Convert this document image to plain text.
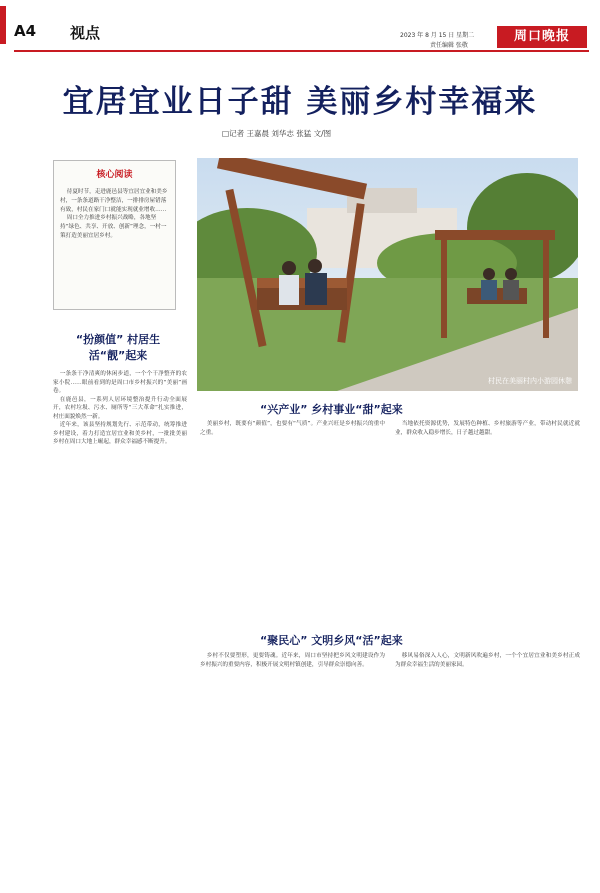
A4 视点	2023 年 8 月 15 日 星期二
责任编辑 张敬
周口晚报
宜居宜业日子甜 美丽乡村幸福来
□记者 王嘉晨 刘华志 张猛 文/图
核心阅读

待夏时节，走进鹿邑县等宜居宜业和美乡村，一条条道路干净整洁，一排排房屋错落有致，村民在家门口就能实现就业增收……

周口全力推进乡村振兴战略，各地坚持“绿色、共享、开放、创新”理念，一村一策打造美丽宜居乡村。

村民在美丽村内小游园休憩
“扮颜值” 村居生活“靓”起来

一条条干净清爽的休闲步道，一个个干净整齐的农家小院……眼前看到的是周口市乡村振兴的“美丽”画卷。

在鹿邑县，一系列人居环境整治提升行动全面展开，农村垃圾、污水、厕所等“三大革命”扎实推进，村庄面貌焕然一新。

近年来，该县坚持规划先行、示范带动，统筹推进乡村建设，着力打造宜居宜业和美乡村，一批批美丽乡村在周口大地上崛起，群众幸福感不断提升。

“兴产业” 乡村事业“甜”起来

美丽乡村，既要有“颜值”，也要有“气质”。产业兴旺是乡村振兴的重中之重。

当地依托资源优势，发展特色种植、乡村旅游等产业，带动村民就近就业，群众收入稳步增长，日子越过越甜。

“聚民心” 文明乡风“活”起来

乡村不仅要塑形，更要铸魂。近年来，周口市坚持把乡风文明建设作为乡村振兴的重要内容，积极开展文明村镇创建，引导群众崇德向善。

移风易俗深入人心，文明新风吹遍乡村，一个个宜居宜业和美乡村正成为群众幸福生活的美丽家园。
